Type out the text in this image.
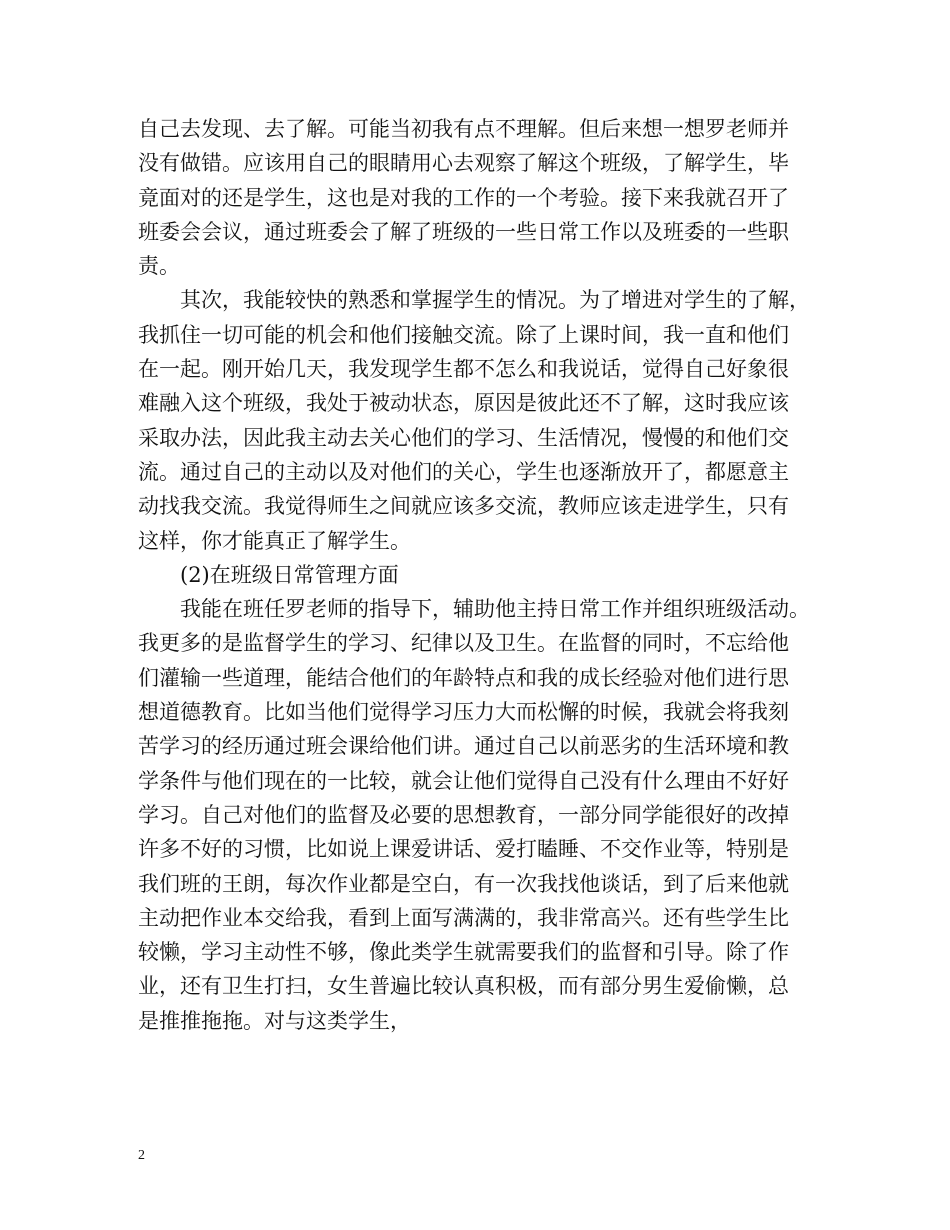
自己去发现、去了解。可能当初我有点不理解。但后来想一想罗老师并
没有做错。应该用自己的眼睛用心去观察了解这个班级，了解学生，毕
竟面对的还是学生，这也是对我的工作的一个考验。接下来我就召开了
班委会会议，通过班委会了解了班级的一些日常工作以及班委的一些职
责。
　　其次，我能较快的熟悉和掌握学生的情况。为了增进对学生的了解，
我抓住一切可能的机会和他们接触交流。除了上课时间，我一直和他们
在一起。刚开始几天，我发现学生都不怎么和我说话，觉得自己好象很
难融入这个班级，我处于被动状态，原因是彼此还不了解，这时我应该
采取办法，因此我主动去关心他们的学习、生活情况，慢慢的和他们交
流。通过自己的主动以及对他们的关心，学生也逐渐放开了，都愿意主
动找我交流。我觉得师生之间就应该多交流，教师应该走进学生，只有
这样，你才能真正了解学生。
　　(2)在班级日常管理方面
　　我能在班任罗老师的指导下，辅助他主持日常工作并组织班级活动。
我更多的是监督学生的学习、纪律以及卫生。在监督的同时，不忘给他
们灌输一些道理，能结合他们的年龄特点和我的成长经验对他们进行思
想道德教育。比如当他们觉得学习压力大而松懈的时候，我就会将我刻
苦学习的经历通过班会课给他们讲。通过自己以前恶劣的生活环境和教
学条件与他们现在的一比较，就会让他们觉得自己没有什么理由不好好
学习。自己对他们的监督及必要的思想教育，一部分同学能很好的改掉
许多不好的习惯，比如说上课爱讲话、爱打瞌睡、不交作业等，特别是
我们班的王朗，每次作业都是空白，有一次我找他谈话，到了后来他就
主动把作业本交给我，看到上面写满满的，我非常高兴。还有些学生比
较懒，学习主动性不够，像此类学生就需要我们的监督和引导。除了作
业，还有卫生打扫，女生普遍比较认真积极，而有部分男生爱偷懒，总
是推推拖拖。对与这类学生，
2
